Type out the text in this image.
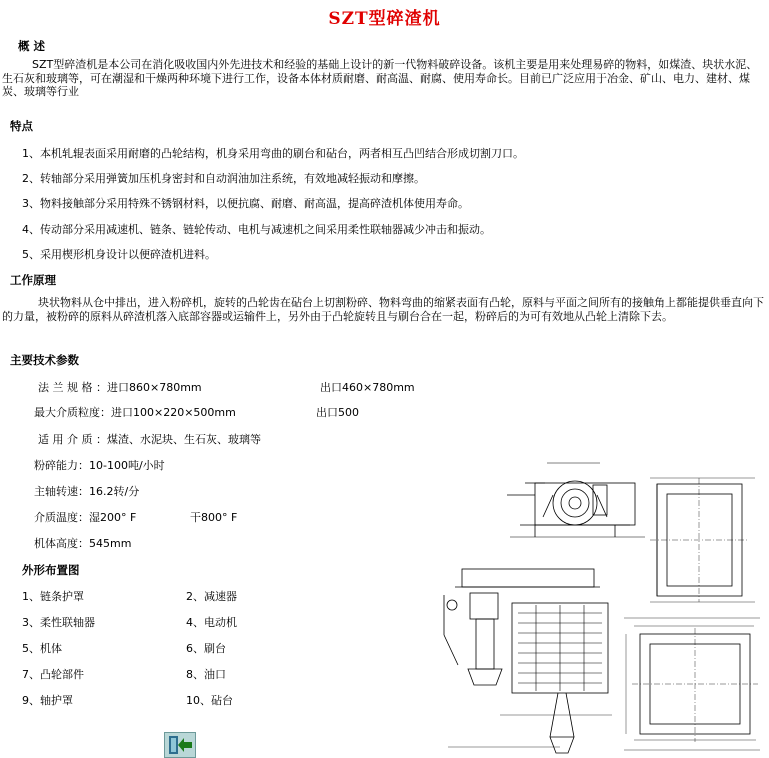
SZT型碎渣机
概 述
SZT型碎渣机是本公司在消化吸收国内外先进技术和经验的基础上设计的新一代物料破碎设备。该机主要是用来处理易碎的物料，如煤渣、块状水泥、生石灰和玻璃等，可在潮湿和干燥两种环境下进行工作，设备本体材质耐磨、耐高温、耐腐、使用寿命长。目前已广泛应用于冶金、矿山、电力、建材、煤炭、玻璃等行业
特点
1、本机轧辊表面采用耐磨的凸轮结构，机身采用弯曲的刷台和砧台，两者相互凸凹结合形成切割刀口。
2、转轴部分采用弹簧加压机身密封和自动润油加注系统，有效地减轻振动和摩擦。
3、物料接触部分采用特殊不锈钢材料，以便抗腐、耐磨、耐高温，提高碎渣机体使用寿命。
4、传动部分采用减速机、链条、链轮传动、电机与减速机之间采用柔性联轴器减少冲击和振动。
5、采用楔形机身设计以便碎渣机进料。
工作原理
块状物料从仓中排出，进入粉碎机，旋转的凸轮齿在砧台上切割粉碎、物料弯曲的缩紧表面有凸轮，原料与平面之间所有的接触角上都能提供垂直向下的力量，被粉碎的原料从碎渣机落入底部容器或运输件上，另外由于凸轮旋转且与刷台合在一起，粉碎后的为可有效地从凸轮上清除下去。
主要技术参数
法 兰 规 格 ：进口860×780mm	出口460×780mm
最大介质粒度：进口100×220×500mm	出口500
适 用 介 质 ：煤渣、水泥块、生石灰、玻璃等
粉碎能力：10-100吨/小时
主轴转速：16.2转/分
介质温度：湿200° F	干800° F
机体高度：545mm
外形布置图
1、链条护罩	2、减速器
3、柔性联轴器	4、电动机
5、机体	6、刷台
7、凸轮部件	8、油口
9、轴护罩	10、砧台
